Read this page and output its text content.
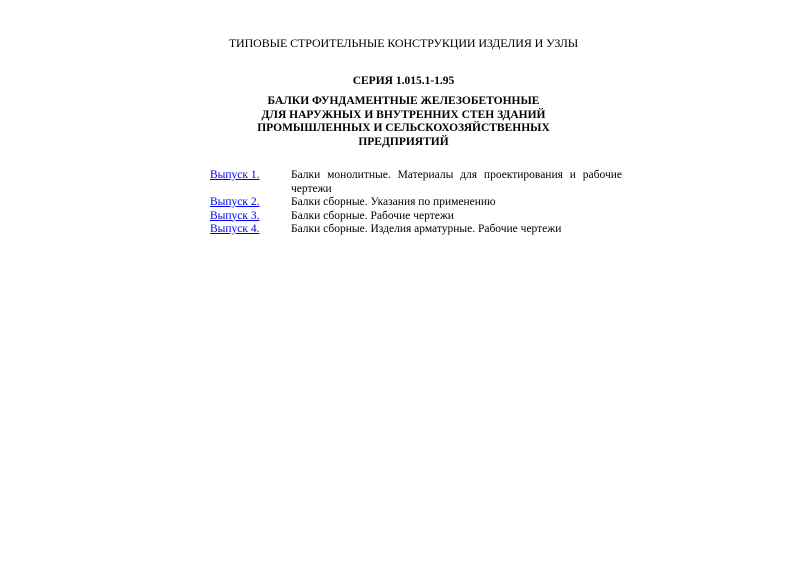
ТИПОВЫЕ СТРОИТЕЛЬНЫЕ КОНСТРУКЦИИ ИЗДЕЛИЯ И УЗЛЫ
СЕРИЯ 1.015.1-1.95
БАЛКИ ФУНДАМЕНТНЫЕ ЖЕЛЕЗОБЕТОННЫЕ
ДЛЯ НАРУЖНЫХ И ВНУТРЕННИХ СТЕН ЗДАНИЙ
ПРОМЫШЛЕННЫХ И СЕЛЬСКОХОЗЯЙСТВЕННЫХ
ПРЕДПРИЯТИЙ
Выпуск 1.	Балки монолитные. Материалы для проектирования и рабочие чертежи
Выпуск 2.	Балки сборные. Указания по применению
Выпуск 3.	Балки сборные. Рабочие чертежи
Выпуск 4.	Балки сборные. Изделия арматурные. Рабочие чертежи
